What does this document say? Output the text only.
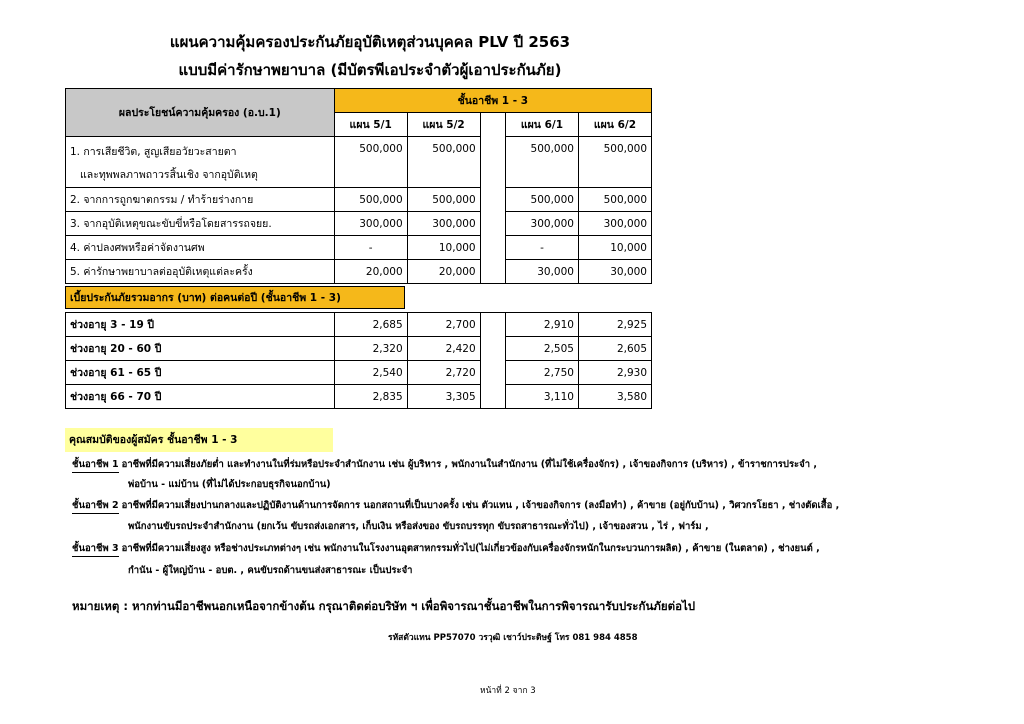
แผนความคุ้มครองประกันภัยอุบัติเหตุส่วนบุคคล PLV ปี 2563
แบบมีค่ารักษาพยาบาล (มีบัตรพีเอประจำตัวผู้เอาประกันภัย)
ผลประโยชน์ความคุ้มครอง (อ.บ.1)	ชั้นอาชีพ 1 - 3				
	แผน 5/1	แผน 5/2		แผน 6/1	แผน 6/2

1. การเสียชีวิต, สูญเสียอวัยวะสายตา
และทุพพลภาพถาวรสิ้นเชิง จากอุบัติเหตุ	500,000	500,000		500,000	500,000
2. จากการถูกฆาตกรรม / ทำร้ายร่างกาย	500,000	500,000		500,000	500,000
3. จากอุบัติเหตุขณะขับขี่หรือโดยสารรถจยย.	300,000	300,000		300,000	300,000
4. ค่าปลงศพหรือค่าจัดงานศพ	-	10,000		-	10,000
5. ค่ารักษาพยาบาลต่ออุบัติเหตุแต่ละครั้ง	20,000	20,000		30,000	30,000
เบี้ยประกันภัยรวมอากร (บาท) ต่อคนต่อปี (ชั้นอาชีพ 1 - 3)
ช่วงอายุ 3 - 19 ปี	2,685	2,700		2,910	2,925
ช่วงอายุ 20 - 60 ปี	2,320	2,420		2,505	2,605
ช่วงอายุ 61 - 65 ปี	2,540	2,720		2,750	2,930
ช่วงอายุ 66 - 70 ปี	2,835	3,305		3,110	3,580
คุณสมบัติของผู้สมัคร ชั้นอาชีพ 1 - 3
ชั้นอาชีพ 1 อาชีพที่มีความเสี่ยงภัยต่ำ และทำงานในที่ร่มหรือประจำสำนักงาน เช่น ผู้บริหาร , พนักงานในสำนักงาน (ที่ไม่ใช้เครื่องจักร) , เจ้าของกิจการ (บริหาร) , ข้าราชการประจำ ,
พ่อบ้าน - แม่บ้าน (ที่ไม่ได้ประกอบธุรกิจนอกบ้าน)
ชั้นอาชีพ 2 อาชีพที่มีความเสี่ยงปานกลางและปฏิบัติงานด้านการจัดการ นอกสถานที่เป็นบางครั้ง เช่น ตัวแทน , เจ้าของกิจการ (ลงมือทำ) , ค้าขาย (อยู่กับบ้าน) , วิศวกรโยธา , ช่างตัดเสื้อ ,
พนักงานขับรถประจำสำนักงาน (ยกเว้น ขับรถส่งเอกสาร, เก็บเงิน หรือส่งของ ขับรถบรรทุก ขับรถสาธารณะทั่วไป) , เจ้าของสวน , ไร่ , ฟาร์ม ,
ชั้นอาชีพ 3 อาชีพที่มีความเสี่ยงสูง หรือช่างประเภทต่างๆ เช่น พนักงานในโรงงานอุตสาหกรรมทั่วไป(ไม่เกี่ยวข้องกับเครื่องจักรหนักในกระบวนการผลิต) , ค้าขาย (ในตลาด) , ช่างยนต์ ,
กำนัน - ผู้ใหญ่บ้าน - อบต. , คนขับรถด้านขนส่งสาธารณะ เป็นประจำ
หมายเหตุ : หากท่านมีอาชีพนอกเหนือจากข้างต้น กรุณาติดต่อบริษัท ฯ เพื่อพิจารณาชั้นอาชีพในการพิจารณารับประกันภัยต่อไป
รหัสตัวแทน PP57070 วรวุฒิ เชาว์ประดิษฐ์ โทร 081 984 4858
หน้าที่ 2 จาก 3
